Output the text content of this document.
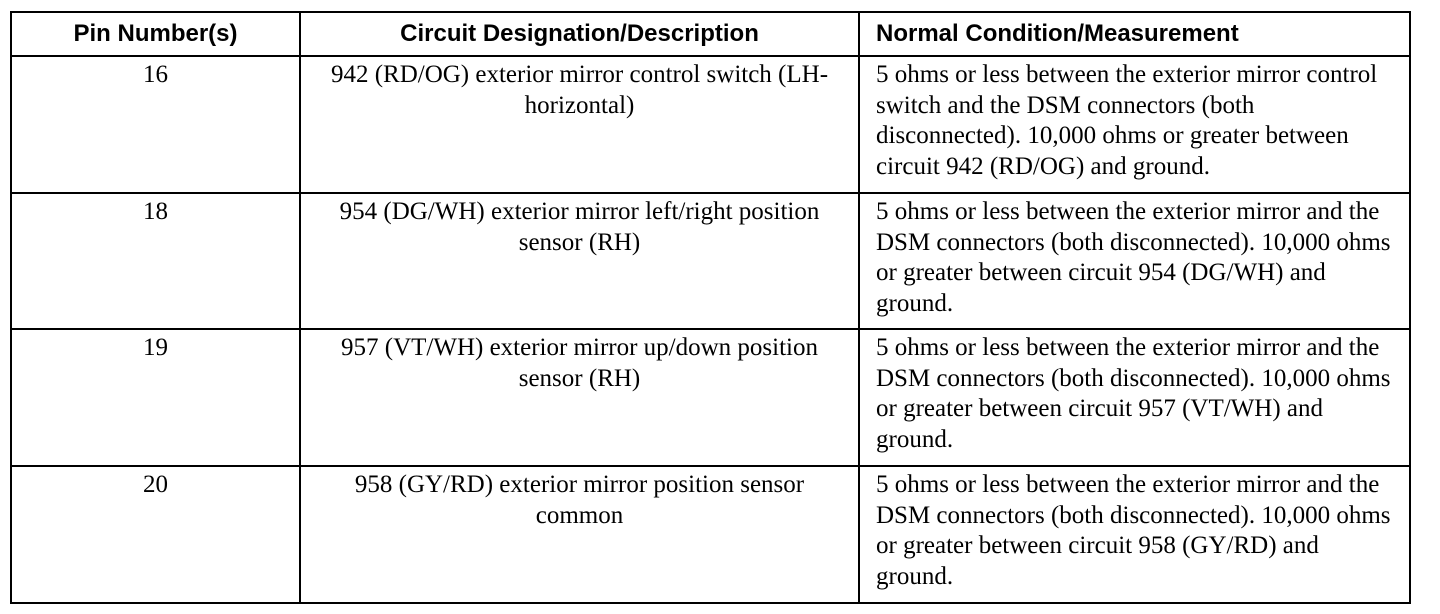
Pin Number(s)	Circuit Designation/Description	Normal Condition/Measurement
16	942 (RD/OG) exterior mirror control switch (LH-horizontal)	5 ohms or less between the exterior mirror control switch and the DSM connectors (both disconnected). 10,000 ohms or greater between circuit 942 (RD/OG) and ground.
18	954 (DG/WH) exterior mirror left/right position sensor (RH)	5 ohms or less between the exterior mirror and the DSM connectors (both disconnected). 10,000 ohms or greater between circuit 954 (DG/WH) and ground.
19	957 (VT/WH) exterior mirror up/down position sensor (RH)	5 ohms or less between the exterior mirror and the DSM connectors (both disconnected). 10,000 ohms or greater between circuit 957 (VT/WH) and ground.
20	958 (GY/RD) exterior mirror position sensor common	5 ohms or less between the exterior mirror and the DSM connectors (both disconnected). 10,000 ohms or greater between circuit 958 (GY/RD) and ground.
